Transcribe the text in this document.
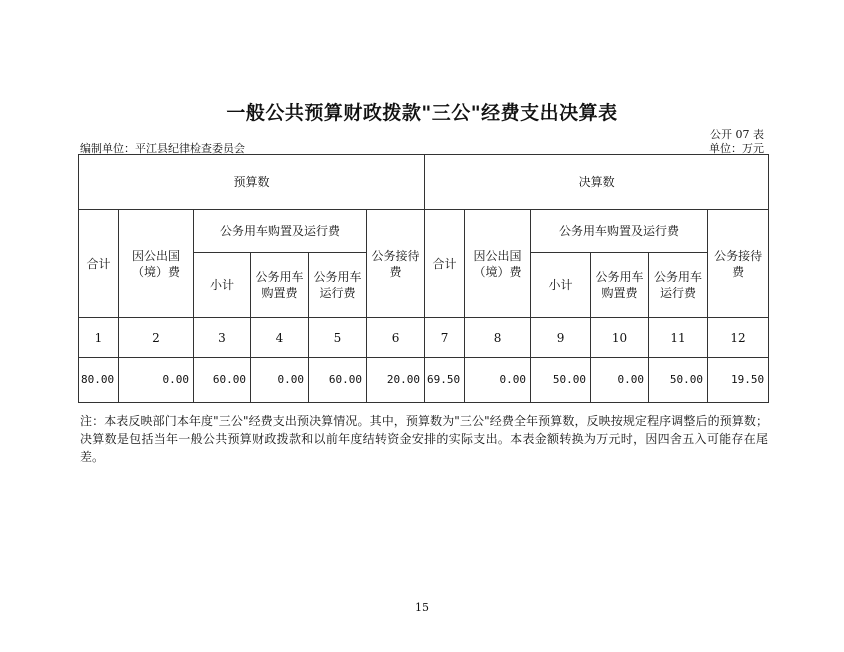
一般公共预算财政拨款"三公"经费支出决算表
公开 07 表
编制单位：平江县纪律检查委员会	单位：万元
预算数						决算数					
合计	因公出国（境）费	公务用车购置及运行费			公务接待费	合计	因公出国（境）费	公务用车购置及运行费			公务接待费
		小计	公务用车购置费	公务用车运行费				小计	公务用车购置费	公务用车运行费	
1	2	3	4	5	6	7	8	9	10	11	12
80.00	0.00	60.00	0.00	60.00	20.00	69.50	0.00	50.00	0.00	50.00	19.50
注：本表反映部门本年度"三公"经费支出预决算情况。其中，预算数为"三公"经费全年预算数，反映按规定程序调整后的预算数；决算数是包括当年一般公共预算财政拨款和以前年度结转资金安排的实际支出。本表金额转换为万元时，因四舍五入可能存在尾差。
15
